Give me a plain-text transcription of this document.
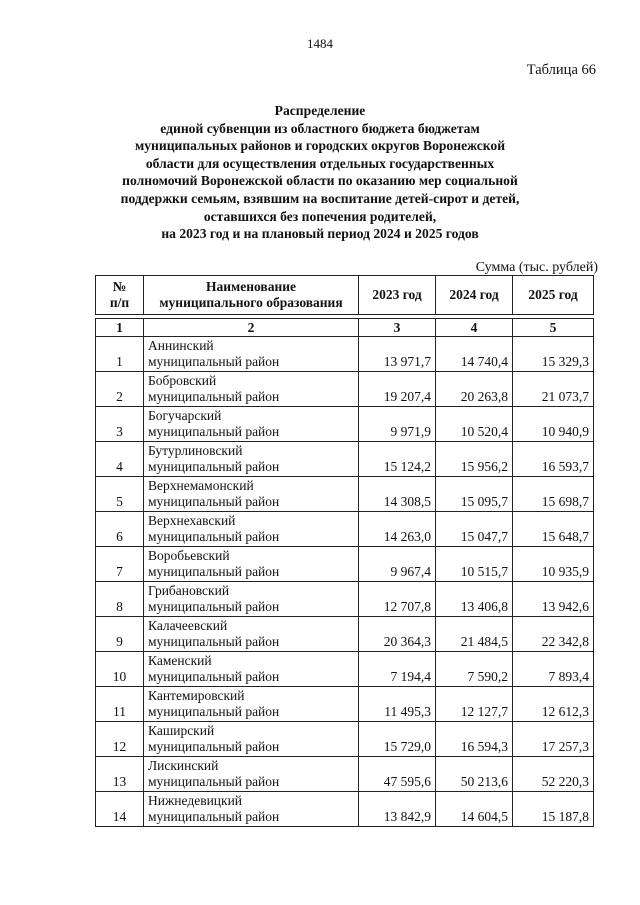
1484
Таблица 66
Распределение
единой субвенции из областного бюджета бюджетам
муниципальных районов и городских округов Воронежской
области для осуществления отдельных государственных
полномочий Воронежской области по оказанию мер социальной
поддержки семьям, взявшим на воспитание детей-сирот и детей,
оставшихся без попечения родителей,
на 2023 год и на плановый период 2024 и 2025 годов
Сумма (тыс. рублей)
№
п/п	Наименование
муниципального образования	2023 год	2024 год	2025 год

1	2	3	4	5
1	Аннинский
муниципальный район	13 971,7	14 740,4	15 329,3
2	Бобровский
муниципальный район	19 207,4	20 263,8	21 073,7
3	Богучарский
муниципальный район	9 971,9	10 520,4	10 940,9
4	Бутурлиновский
муниципальный район	15 124,2	15 956,2	16 593,7
5	Верхнемамонский
муниципальный район	14 308,5	15 095,7	15 698,7
6	Верхнехавский
муниципальный район	14 263,0	15 047,7	15 648,7
7	Воробьевский
муниципальный район	9 967,4	10 515,7	10 935,9
8	Грибановский
муниципальный район	12 707,8	13 406,8	13 942,6
9	Калачеевский
муниципальный район	20 364,3	21 484,5	22 342,8
10	Каменский
муниципальный район	7 194,4	7 590,2	7 893,4
11	Кантемировский
муниципальный район	11 495,3	12 127,7	12 612,3
12	Каширский
муниципальный район	15 729,0	16 594,3	17 257,3
13	Лискинский
муниципальный район	47 595,6	50 213,6	52 220,3
14	Нижнедевицкий
муниципальный район	13 842,9	14 604,5	15 187,8
